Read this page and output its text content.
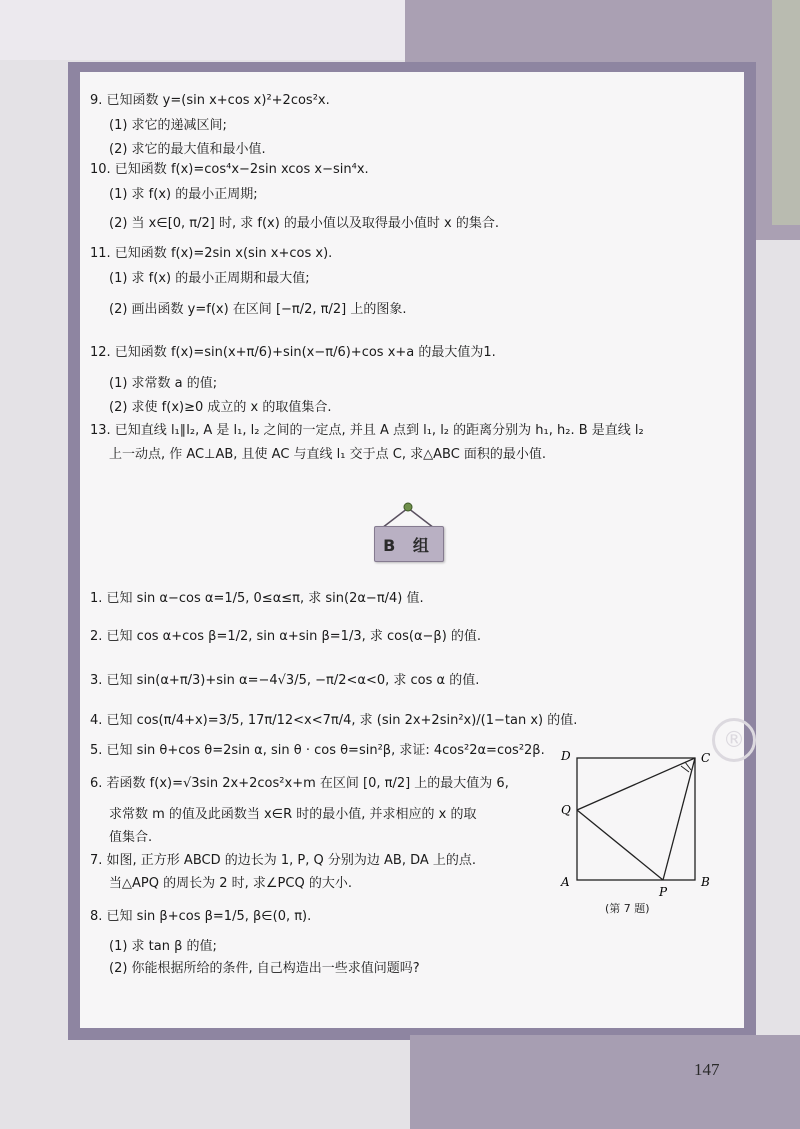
9. 已知函数 y=(sin x+cos x)²+2cos²x.
(1) 求它的递减区间;
(2) 求它的最大值和最小值.
10. 已知函数 f(x)=cos⁴x−2sin xcos x−sin⁴x.
(1) 求 f(x) 的最小正周期;
(2) 当 x∈[0, π/2] 时, 求 f(x) 的最小值以及取得最小值时 x 的集合.
11. 已知函数 f(x)=2sin x(sin x+cos x).
(1) 求 f(x) 的最小正周期和最大值;
(2) 画出函数 y=f(x) 在区间 [−π/2, π/2] 上的图象.
12. 已知函数 f(x)=sin(x+π/6)+sin(x−π/6)+cos x+a 的最大值为1.
(1) 求常数 a 的值;
(2) 求使 f(x)≥0 成立的 x 的取值集合.
13. 已知直线 l₁∥l₂, A 是 l₁, l₂ 之间的一定点, 并且 A 点到 l₁, l₂ 的距离分别为 h₁, h₂. B 是直线 l₂
上一动点, 作 AC⊥AB, 且使 AC 与直线 l₁ 交于点 C, 求△ABC 面积的最小值.
B 组
1. 已知 sin α−cos α=1/5, 0≤α≤π, 求 sin(2α−π/4) 值.
2. 已知 cos α+cos β=1/2, sin α+sin β=1/3, 求 cos(α−β) 的值.
3. 已知 sin(α+π/3)+sin α=−4√3/5, −π/2<α<0, 求 cos α 的值.
4. 已知 cos(π/4+x)=3/5, 17π/12<x<7π/4, 求 (sin 2x+2sin²x)/(1−tan x) 的值.
5. 已知 sin θ+cos θ=2sin α, sin θ · cos θ=sin²β, 求证: 4cos²2α=cos²2β.
6. 若函数 f(x)=√3sin 2x+2cos²x+m 在区间 [0, π/2] 上的最大值为 6,
求常数 m 的值及此函数当 x∈R 时的最小值, 并求相应的 x 的取
值集合.
7. 如图, 正方形 ABCD 的边长为 1, P, Q 分别为边 AB, DA 上的点.
当△APQ 的周长为 2 时, 求∠PCQ 的大小.
8. 已知 sin β+cos β=1/5, β∈(0, π).
(1) 求 tan β 的值;
(2) 你能根据所给的条件, 自己构造出一些求值问题吗?
®
D	C
Q
A
P
B
(第 7 题)
147
